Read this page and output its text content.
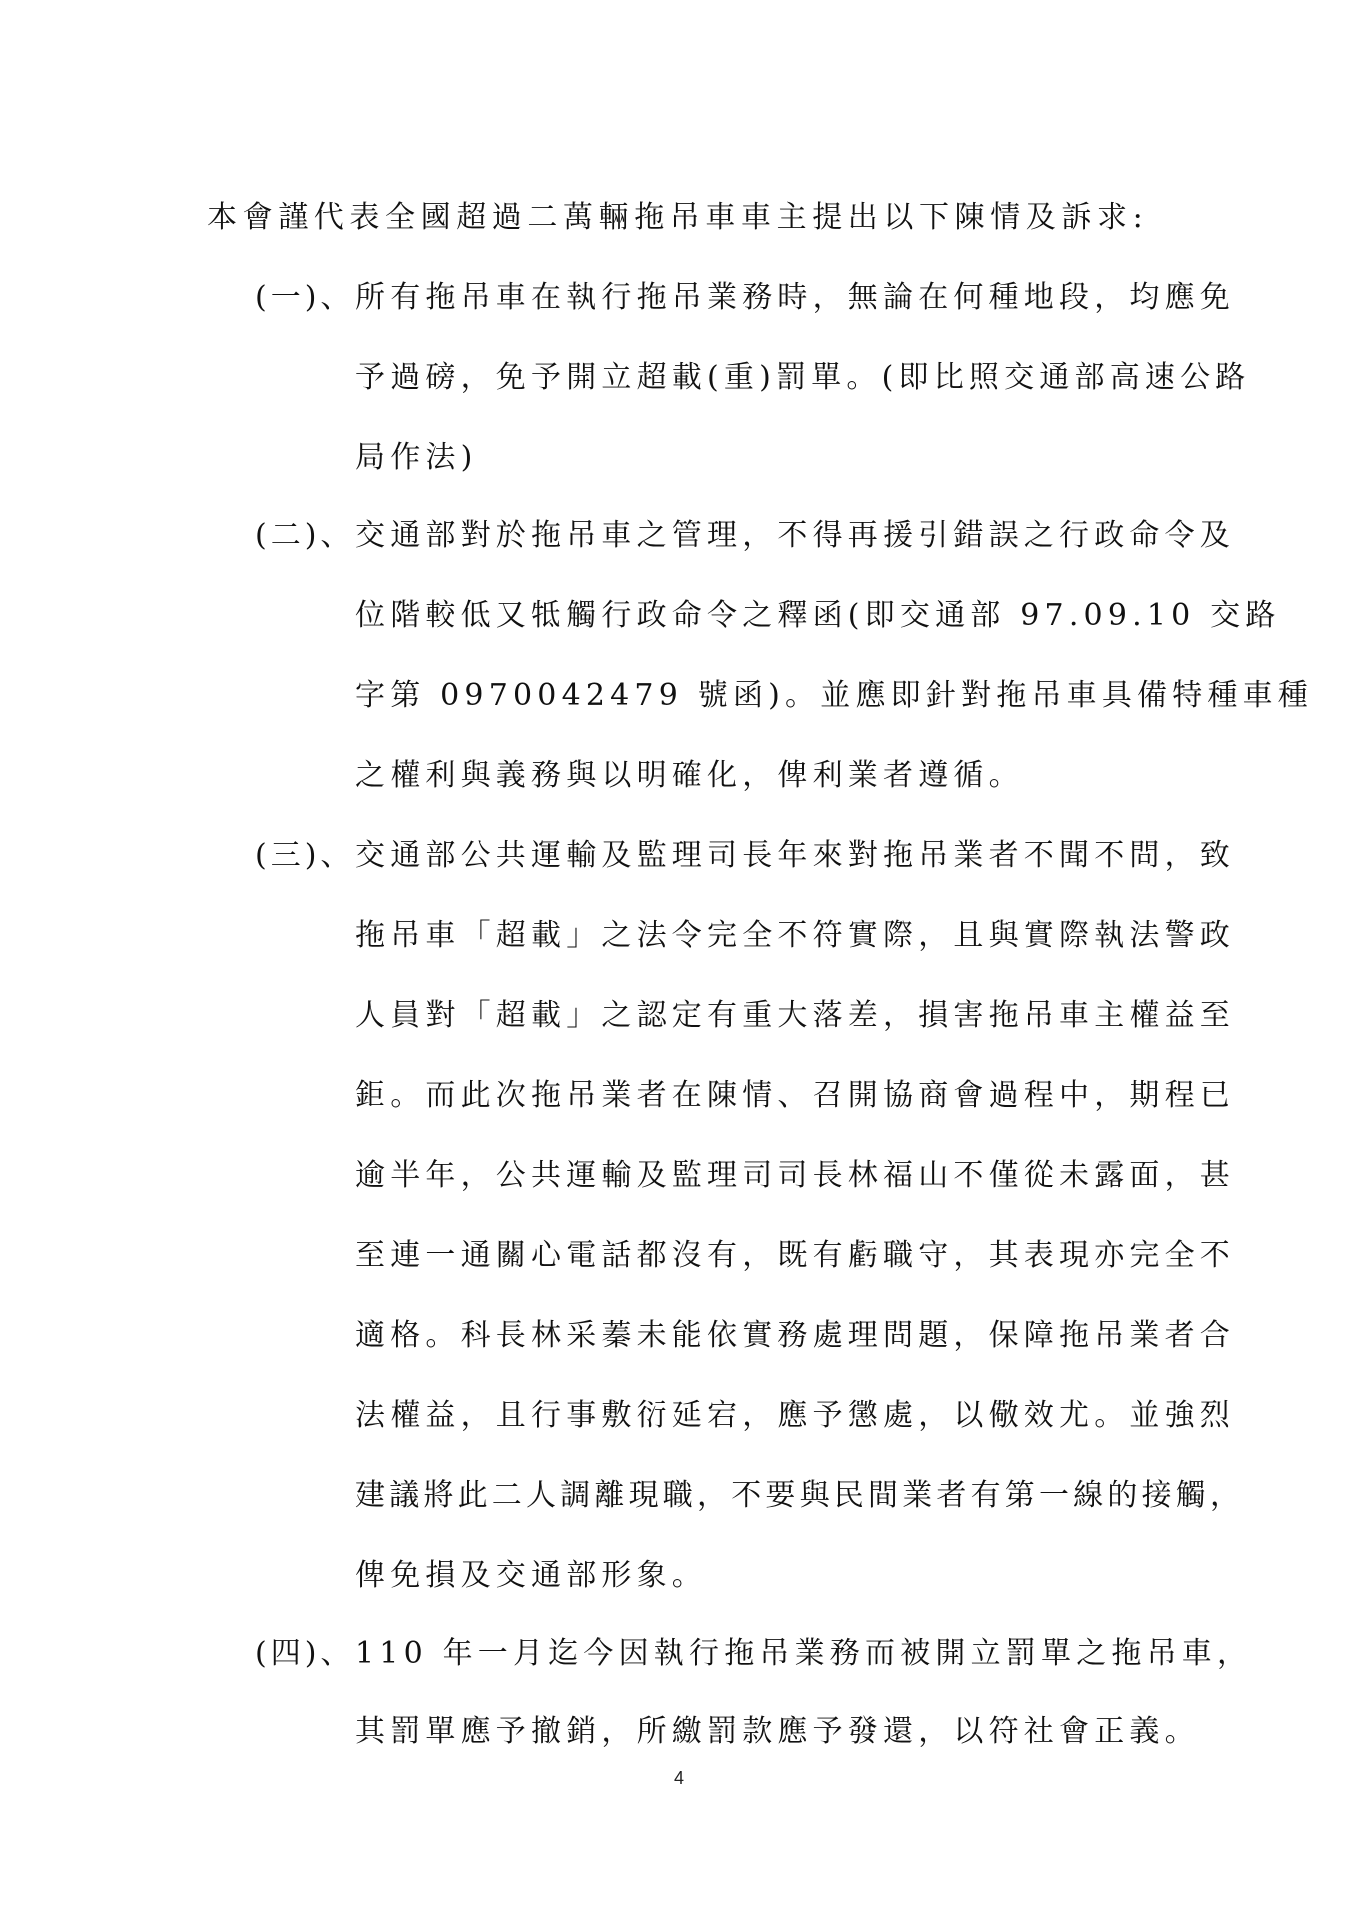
本會謹代表全國超過二萬輛拖吊車車主提出以下陳情及訴求:
(一)、 所有拖吊車在執行拖吊業務時，無論在何種地段，均應免
予過磅，免予開立超載(重)罰單。(即比照交通部高速公路
局作法)
(二)、 交通部對於拖吊車之管理，不得再援引錯誤之行政命令及
位階較低又牴觸行政命令之釋函(即交通部 97.09.10 交路
字第 0970042479 號函)。並應即針對拖吊車具備特種車種
之權利與義務與以明確化，俾利業者遵循。
(三)、 交通部公共運輸及監理司長年來對拖吊業者不聞不問，致
拖吊車「超載」之法令完全不符實際，且與實際執法警政
人員對「超載」之認定有重大落差，損害拖吊車主權益至
鉅。而此次拖吊業者在陳情、召開協商會過程中，期程已
逾半年，公共運輸及監理司司長林福山不僅從未露面，甚
至連一通關心電話都沒有，既有虧職守，其表現亦完全不
適格。科長林采蓁未能依實務處理問題，保障拖吊業者合
法權益，且行事敷衍延宕，應予懲處，以儆效尤。並強烈
建議將此二人調離現職，不要與民間業者有第一線的接觸，
俾免損及交通部形象。
(四)、 110 年一月迄今因執行拖吊業務而被開立罰單之拖吊車，
其罰單應予撤銷，所繳罰款應予發還，以符社會正義。
4
